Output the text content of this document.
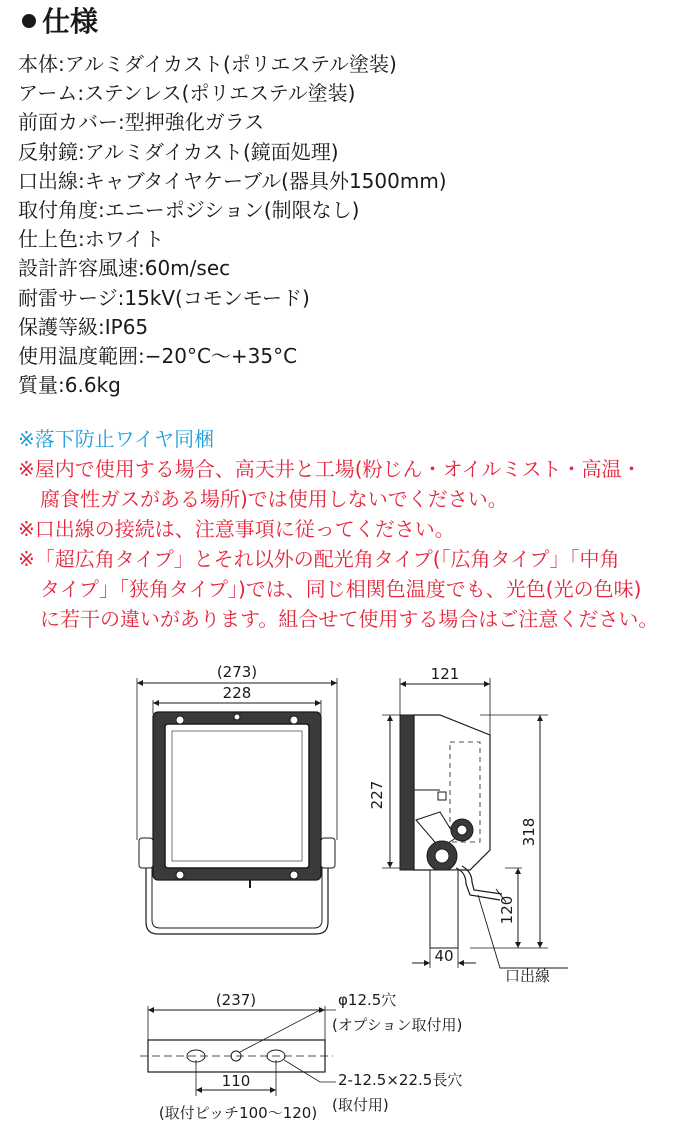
仕様
本体:アルミダイカスト(ポリエステル塗装)
アーム:ステンレス(ポリエステル塗装)
前面カバー:型押強化ガラス
反射鏡:アルミダイカスト(鏡面処理)
口出線:キャブタイヤケーブル(器具外1500mm)
取付角度:エニーポジション(制限なし)
仕上色:ホワイト
設計許容風速:60m/sec
耐雷サージ:15kV(コモンモード)
保護等級:IP65
使用温度範囲:−20°C〜+35°C
質量:6.6kg
※落下防止ワイヤ同梱
※屋内で使用する場合、高天井と工場(粉じん・オイルミスト・高温・
腐食性ガスがある場所)では使用しないでください。
※口出線の接続は、注意事項に従ってください。
※「超広角タイプ」とそれ以外の配光角タイプ(「広角タイプ」「中角
タイプ」「狭角タイプ」)では、同じ相関色温度でも、光色(光の色味)
に若干の違いがあります。組合せて使用する場合はご注意ください。
(273)
228
121
227
318
120
40
口出線
(237)
110
(取付ピッチ100〜120)
φ12.5穴
(オプション取付用)
2-12.5×22.5長穴
(取付用)
